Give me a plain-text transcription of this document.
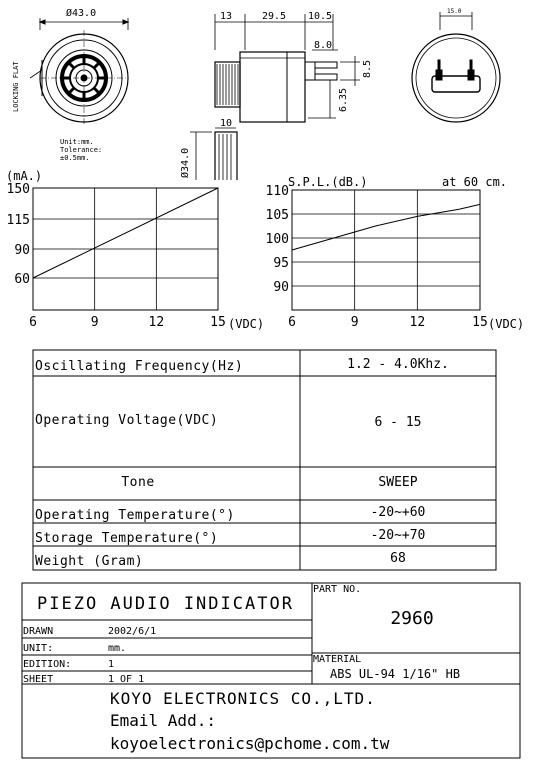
Ø43.0
LOCKING FLAT
13	29.5 10.5
8.0
8.5
6.35
15.0
10
Ø34.0
Unit:mm.
Tolerance:
±0.5mm.
(mA.)
6	9	12	15
150
115
90
60
(VDC)
S.P.L.(dB.)	at 60 cm.
6	9	12	15
110
105
100
95
90
(VDC)
Oscillating Frequency(Hz)	1.2 - 4.0Khz.
Operating Voltage(VDC)	6 - 15
Tone	SWEEP
Operating Temperature(°)	-20~+60
Storage Temperature(°)	-20~+70
Weight (Gram)	68
PIEZO AUDIO INDICATOR
DRAWN	2002/6/1
UNIT:	mm.
EDITION:	1
SHEET	1 OF 1
PART NO.
2960
MATERIAL
ABS UL-94 1/16" HB
KOYO ELECTRONICS CO.,LTD.
Email Add.:
koyoelectronics@pchome.com.tw
